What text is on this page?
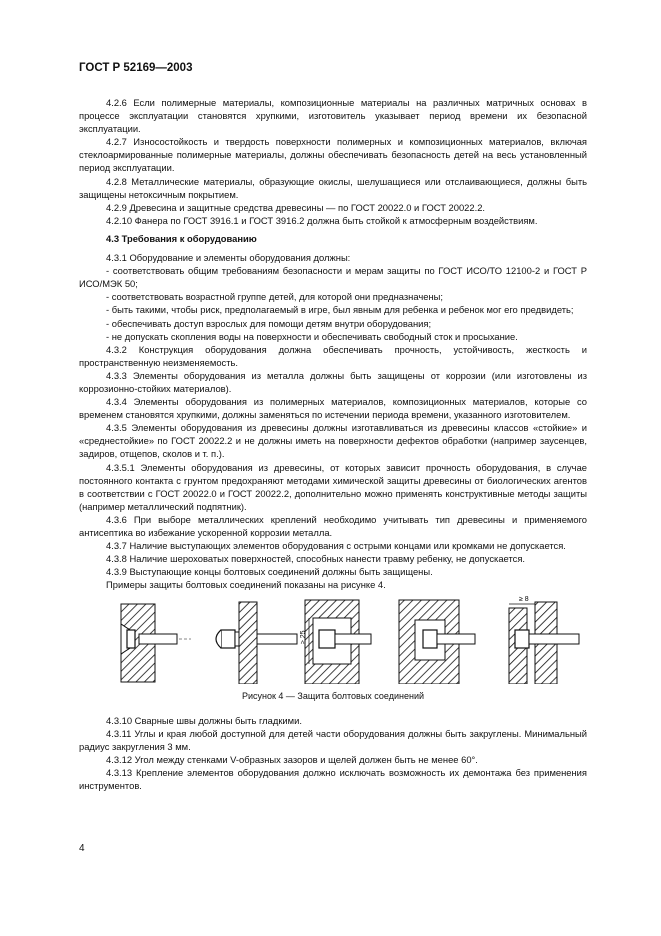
ГОСТ Р 52169—2003

4.2.6 Если полимерные материалы, композиционные материалы на различных матричных основах в процессе эксплуатации становятся хрупкими, изготовитель указывает период времени их безопасной эксплуатации.

4.2.7 Износостойкость и твердость поверхности полимерных и композиционных материалов, включая стеклоармированные полимерные материалы, должны обеспечивать безопасность детей на весь установленный период эксплуатации.

4.2.8 Металлические материалы, образующие окислы, шелушащиеся или отслаивающиеся, должны быть защищены нетоксичным покрытием.

4.2.9 Древесина и защитные средства древесины — по ГОСТ 20022.0 и ГОСТ 20022.2.

4.2.10 Фанера по ГОСТ 3916.1 и ГОСТ 3916.2 должна быть стойкой к атмосферным воздействиям.

4.3 Требования к оборудованию

4.3.1 Оборудование и элементы оборудования должны:

- соответствовать общим требованиям безопасности и мерам защиты по ГОСТ ИСО/ТО 12100-2 и ГОСТ Р ИСО/МЭК 50;

- соответствовать возрастной группе детей, для которой они предназначены;

- быть такими, чтобы риск, предполагаемый в игре, был явным для ребенка и ребенок мог его предвидеть;

- обеспечивать доступ взрослых для помощи детям внутри оборудования;

- не допускать скопления воды на поверхности и обеспечивать свободный сток и просыхание.

4.3.2 Конструкция оборудования должна обеспечивать прочность, устойчивость, жесткость и пространственную неизменяемость.

4.3.3 Элементы оборудования из металла должны быть защищены от коррозии (или изготовлены из коррозионно-стойких материалов).

4.3.4 Элементы оборудования из полимерных материалов, композиционных материалов, которые со временем становятся хрупкими, должны заменяться по истечении периода времени, указанного изготовителем.

4.3.5 Элементы оборудования из древесины должны изготавливаться из древесины классов «стойкие» и «среднестойкие» по ГОСТ 20022.2 и не должны иметь на поверхности дефектов обработки (например заусенцев, задиров, отщепов, сколов и т. п.).

4.3.5.1 Элементы оборудования из древесины, от которых зависит прочность оборудования, в случае постоянного контакта с грунтом предохраняют методами химической защиты древесины от биологических агентов в соответствии с ГОСТ 20022.0 и ГОСТ 20022.2, дополнительно можно применять конструктивные методы защиты (например металлический подпятник).

4.3.6 При выборе металлических креплений необходимо учитывать тип древесины и применяемого антисептика во избежание ускоренной коррозии металла.

4.3.7 Наличие выступающих элементов оборудования с острыми концами или кромками не допускается.

4.3.8 Наличие шероховатых поверхностей, способных нанести травму ребенку, не допускается.

4.3.9 Выступающие концы болтовых соединений должны быть защищены.

Примеры защиты болтовых соединений показаны на рисунке 4.

≥ 25
≥ 8
Рисунок 4 — Защита болтовых соединений

4.3.10 Сварные швы должны быть гладкими.

4.3.11 Углы и края любой доступной для детей части оборудования должны быть закруглены. Минимальный радиус закругления 3 мм.

4.3.12 Угол между стенками V-образных зазоров и щелей должен быть не менее 60°.

4.3.13 Крепление элементов оборудования должно исключать возможность их демонтажа без применения инструментов.

4
